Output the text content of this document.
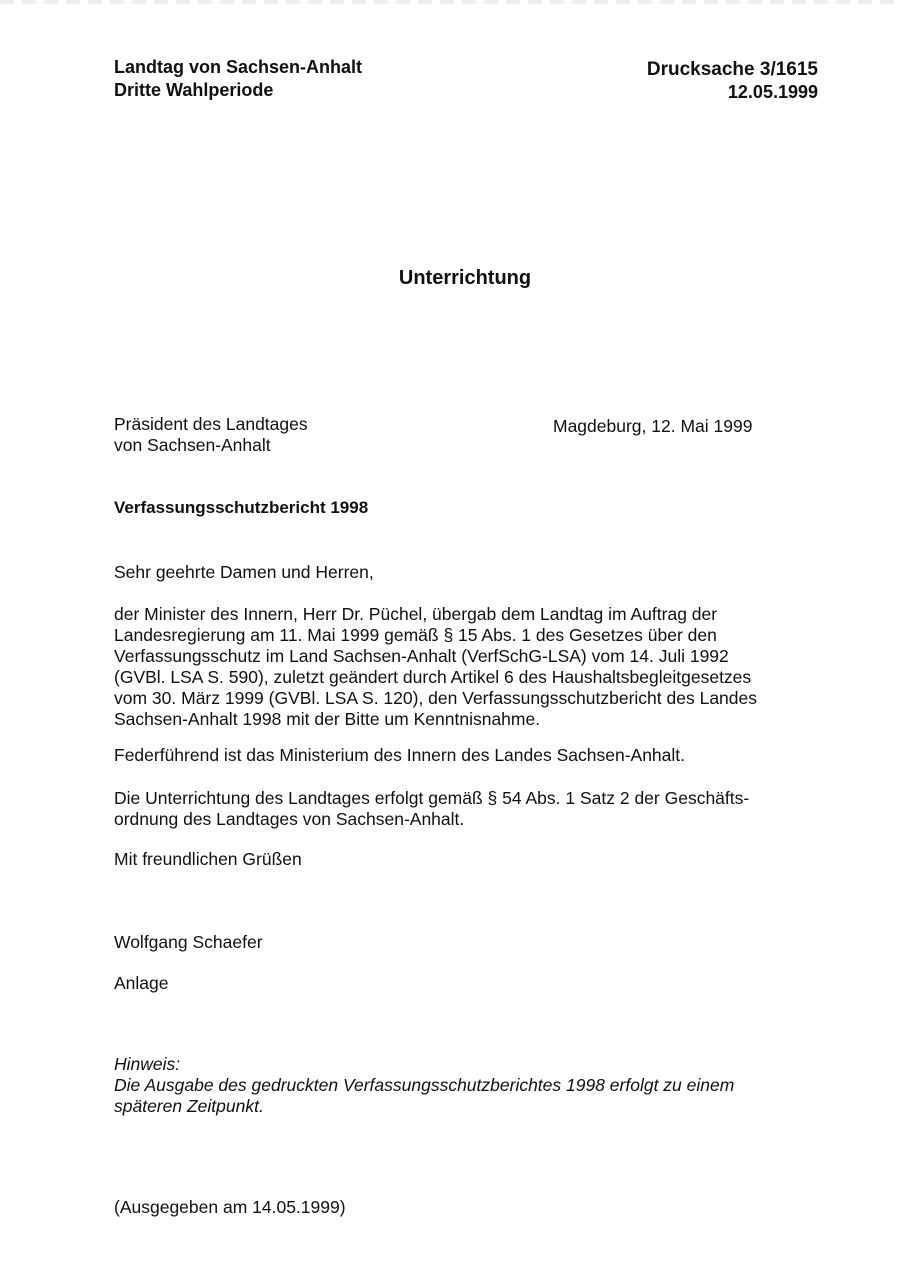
Landtag von Sachsen-Anhalt
Dritte Wahlperiode
Drucksache 3/1615
12.05.1999
Unterrichtung
Präsident des Landtages
von Sachsen-Anhalt
Magdeburg, 12. Mai 1999
Verfassungsschutzbericht 1998
Sehr geehrte Damen und Herren,
der Minister des Innern, Herr Dr. Püchel, übergab dem Landtag im Auftrag der
Landesregierung am 11. Mai 1999 gemäß § 15 Abs. 1 des Gesetzes über den
Verfassungsschutz im Land Sachsen-Anhalt (VerfSchG-LSA) vom 14. Juli 1992
(GVBl. LSA S. 590), zuletzt geändert durch Artikel 6 des Haushaltsbegleitgesetzes
vom 30. März 1999 (GVBl. LSA S. 120), den Verfassungsschutzbericht des Landes
Sachsen-Anhalt 1998 mit der Bitte um Kenntnisnahme.
Federführend ist das Ministerium des Innern des Landes Sachsen-Anhalt.
Die Unterrichtung des Landtages erfolgt gemäß § 54 Abs. 1 Satz 2 der Geschäfts-
ordnung des Landtages von Sachsen-Anhalt.
Mit freundlichen Grüßen
Wolfgang Schaefer
Anlage
Hinweis:
Die Ausgabe des gedruckten Verfassungsschutzberichtes 1998 erfolgt zu einem
späteren Zeitpunkt.
(Ausgegeben am 14.05.1999)
